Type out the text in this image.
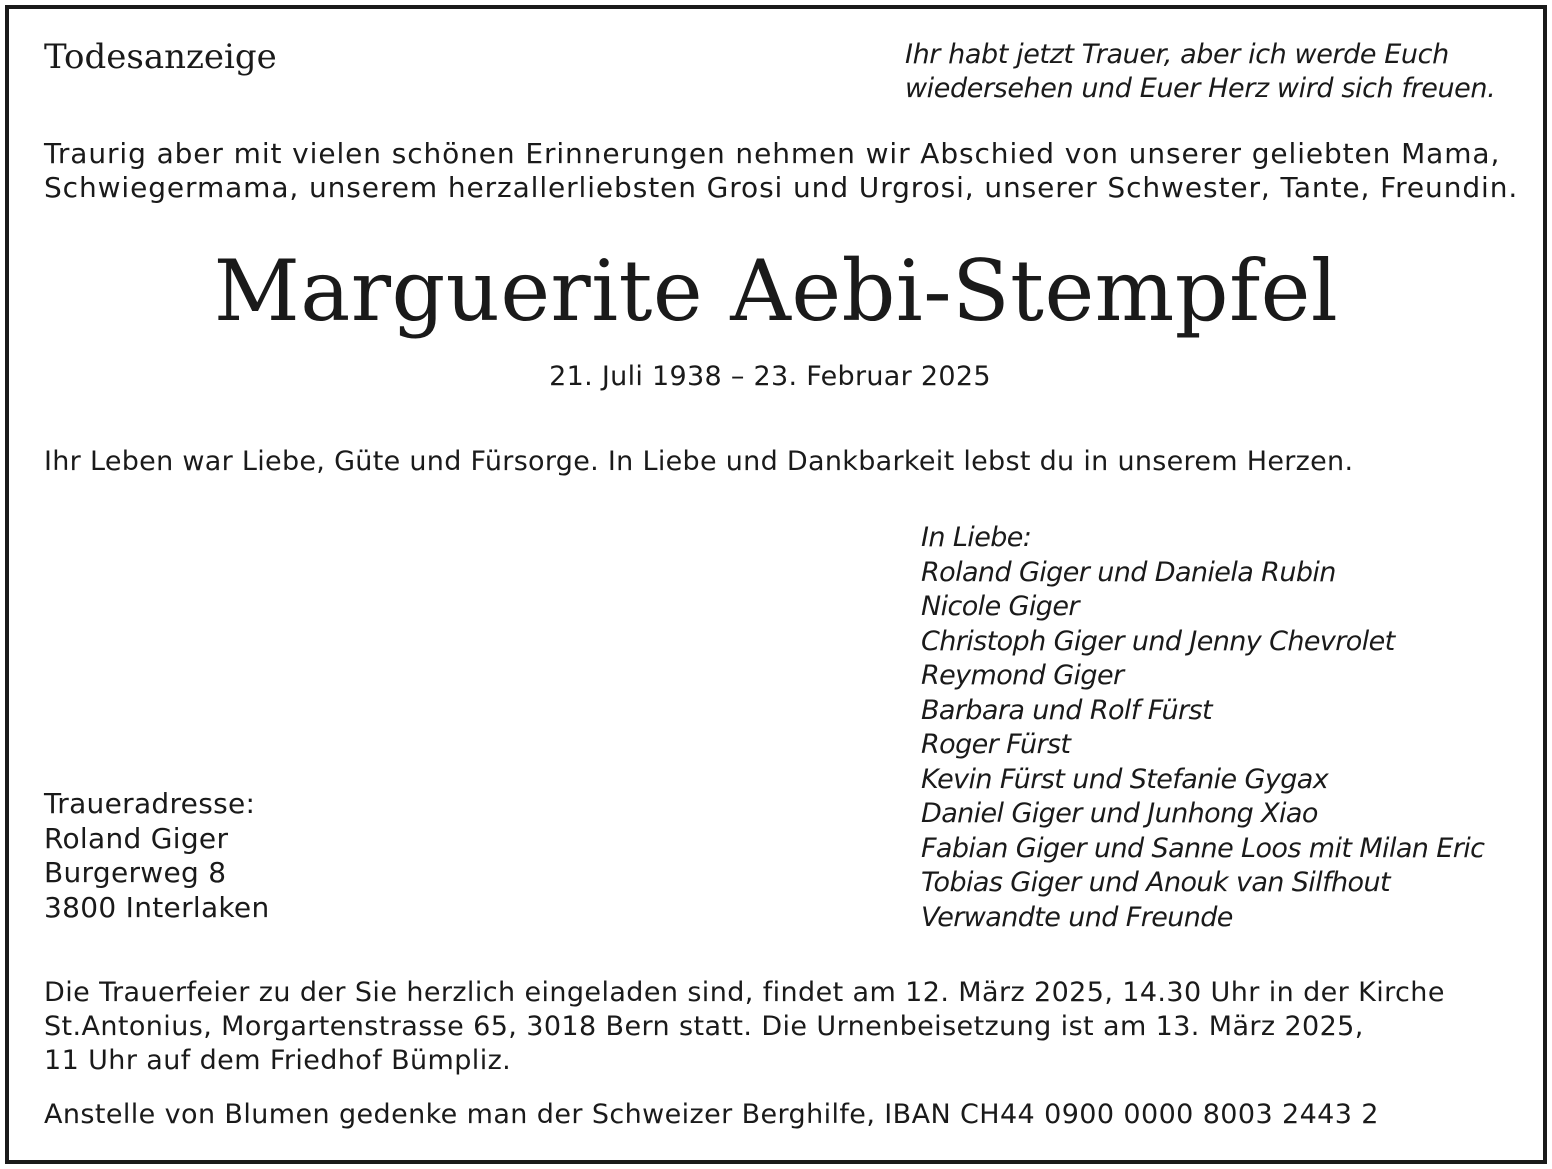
Todesanzeige	Ihr habt jetzt Trauer, aber ich werde Euch
wiedersehen und Euer Herz wird sich freuen.
Traurig aber mit vielen schönen Erinnerungen nehmen wir Abschied von unserer geliebten Mama,
Schwiegermama, unserem herzallerliebsten Grosi und Urgrosi, unserer Schwester, Tante, Freundin.
Marguerite Aebi-Stempfel
21. Juli 1938 – 23. Februar 2025
Ihr Leben war Liebe, Güte und Fürsorge. In Liebe und Dankbarkeit lebst du in unserem Herzen.
In Liebe:
Roland Giger und Daniela Rubin
Nicole Giger
Christoph Giger und Jenny Chevrolet
Reymond Giger
Barbara und Rolf Fürst
Roger Fürst
Kevin Fürst und Stefanie Gygax
Daniel Giger und Junhong Xiao
Fabian Giger und Sanne Loos mit Milan Eric
Tobias Giger und Anouk van Silfhout
Verwandte und Freunde
Traueradresse:
Roland Giger
Burgerweg 8
3800 Interlaken
Die Trauerfeier zu der Sie herzlich eingeladen sind, findet am 12. März 2025, 14.30 Uhr in der Kirche
St.Antonius, Morgartenstrasse 65, 3018 Bern statt. Die Urnenbeisetzung ist am 13. März 2025,
11 Uhr auf dem Friedhof Bümpliz.
Anstelle von Blumen gedenke man der Schweizer Berghilfe, IBAN CH44 0900 0000 8003 2443 2
